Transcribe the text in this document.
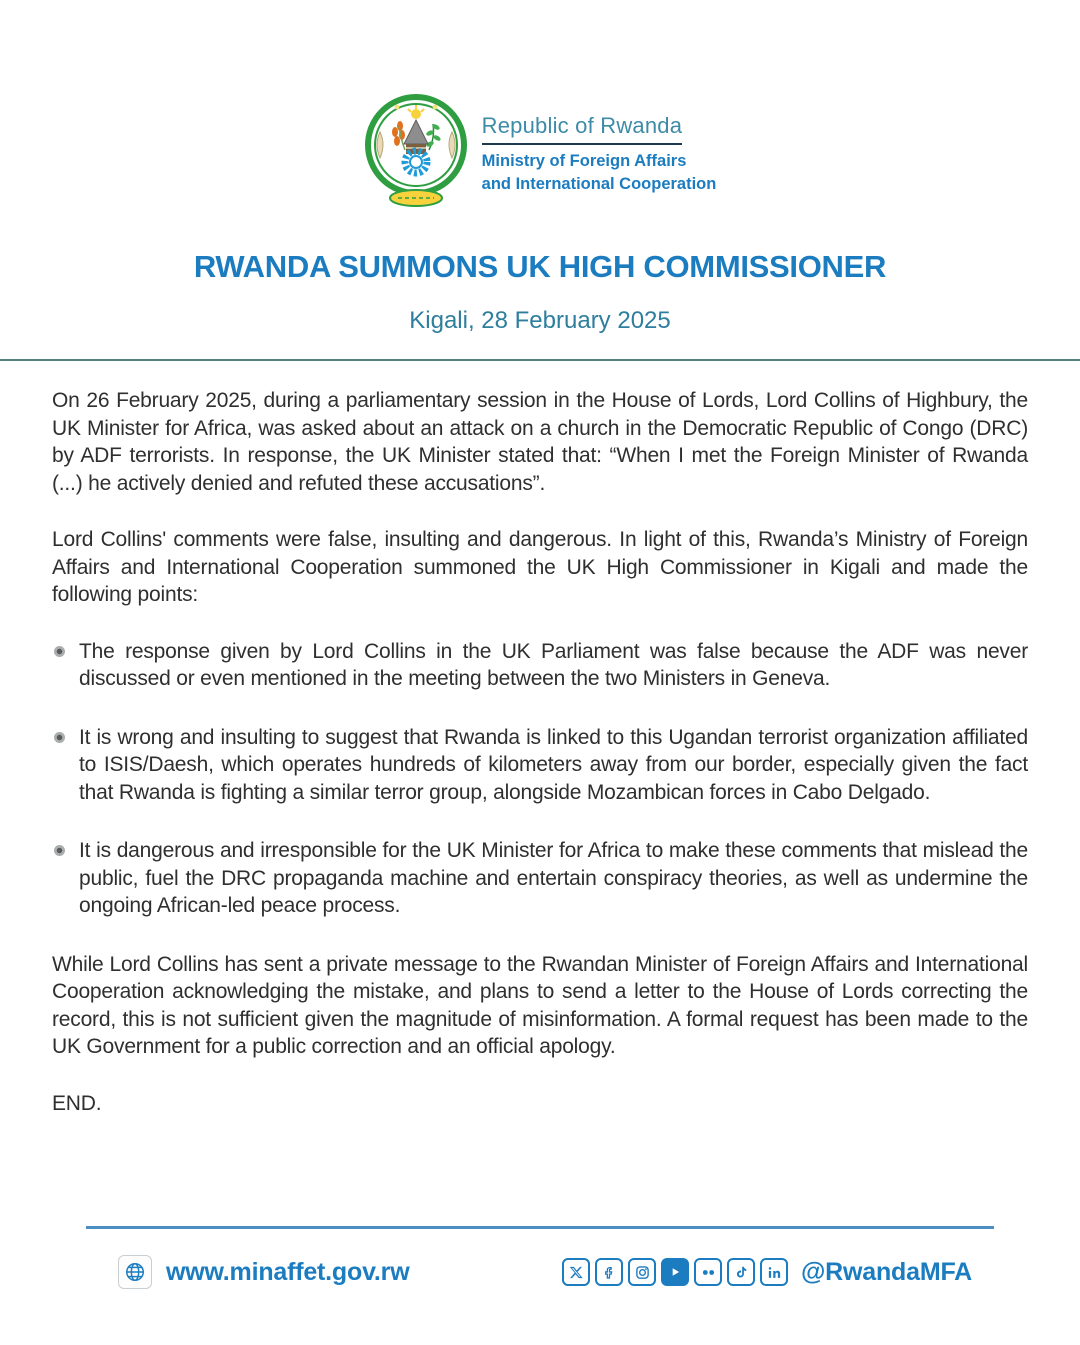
Republic of Rwanda
Ministry of Foreign Affairs
and International Cooperation
RWANDA SUMMONS UK HIGH COMMISSIONER
Kigali, 28 February 2025

On 26 February 2025, during a parliamentary session in the House of Lords, Lord Collins of Highbury, the UK Minister for Africa, was asked about an attack on a church in the Democratic Republic of Congo (DRC) by ADF terrorists. In response, the UK Minister stated that: “When I met the Foreign Minister of Rwanda (...) he actively denied and refuted these accusations”.

Lord Collins' comments were false, insulting and dangerous. In light of this, Rwanda’s Ministry of Foreign Affairs and International Cooperation summoned the UK High Commissioner in Kigali and made the following points:

The response given by Lord Collins in the UK Parliament was false because the ADF was never discussed or even mentioned in the meeting between the two Ministers in Geneva.
It is wrong and insulting to suggest that Rwanda is linked to this Ugandan terrorist organization affiliated to ISIS/Daesh, which operates hundreds of kilometers away from our border, especially given the fact that Rwanda is fighting a similar terror group, alongside Mozambican forces in Cabo Delgado.
It is dangerous and irresponsible for the UK Minister for Africa to make these comments that mislead the public, fuel the DRC propaganda machine and entertain conspiracy theories, as well as undermine the ongoing African-led peace process.

While Lord Collins has sent a private message to the Rwandan Minister of Foreign Affairs and International Cooperation acknowledging the mistake, and plans to send a letter to the House of Lords correcting the record, this is not sufficient given the magnitude of misinformation. A formal request has been made to the UK Government for a public correction and an official apology.

END.

www.minaffet.gov.rw	@RwandaMFA
